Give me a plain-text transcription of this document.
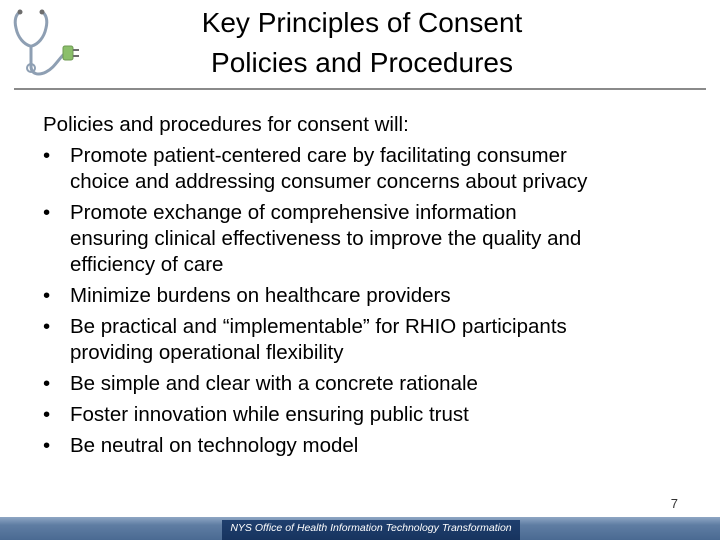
Key Principles of Consent
Policies and Procedures

Policies and procedures for consent will:

• Promote patient-centered care by facilitating consumer
choice and addressing consumer concerns about privacy
• Promote exchange of comprehensive information
ensuring clinical effectiveness to improve the quality and
efficiency of care
• Minimize burdens on healthcare providers
• Be practical and “implementable” for RHIO participants
providing operational flexibility
• Be simple and clear with a concrete rationale
• Foster innovation while ensuring public trust
• Be neutral on technology model
7
NYS Office of Health Information Technology Transformation
